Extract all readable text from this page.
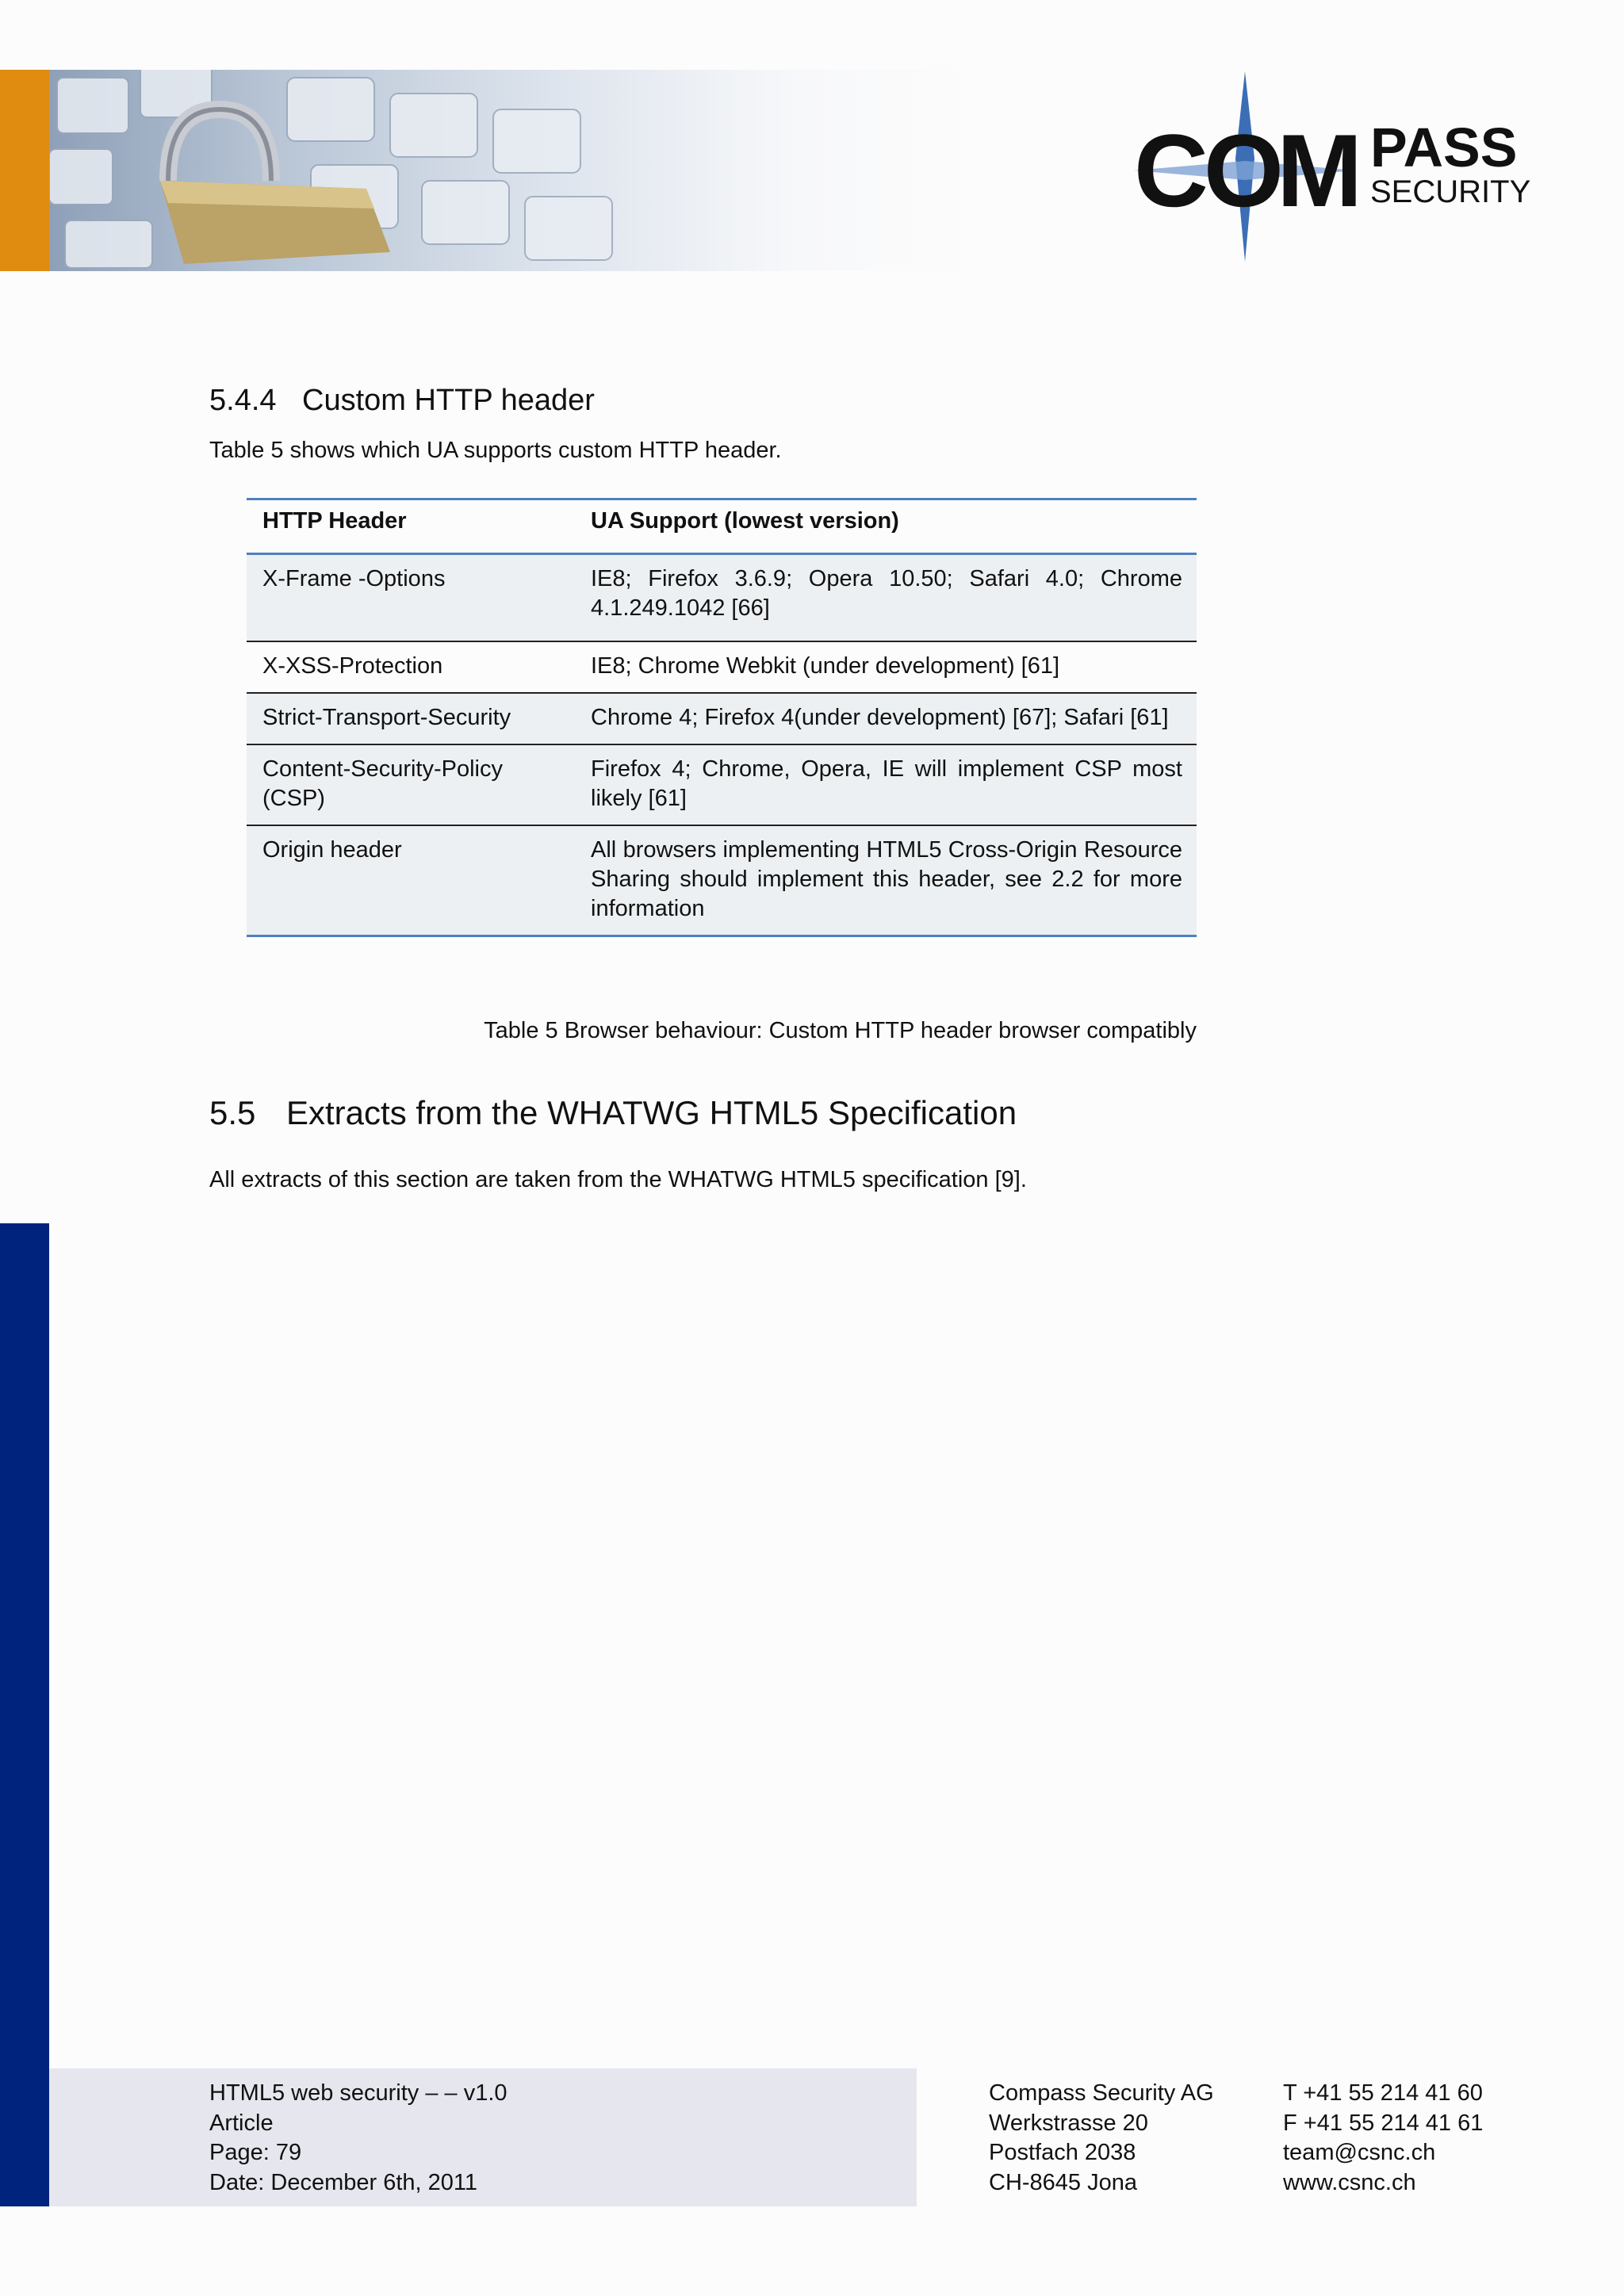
CO
M PASS
SECURITY
5.4.4 Custom HTTP header
Table 5 shows which UA supports custom HTTP header.
HTTP Header	UA Support (lowest version)
X-Frame -Options	IE8; Firefox 3.6.9; Opera 10.50; Safari 4.0; Chrome 4.1.249.1042 [66]
X-XSS-Protection	IE8; Chrome Webkit (under development) [61]
Strict-Transport-Security	Chrome 4; Firefox 4(under development) [67]; Safari [61]
Content-Security-Policy (CSP)	Firefox 4; Chrome, Opera, IE will implement CSP most likely [61]
Origin header	All browsers implementing HTML5 Cross-Origin Resource Sharing should implement this header, see 2.2 for more information
Table 5 Browser behaviour: Custom HTTP header browser compatibly
5.5 Extracts from the WHATWG HTML5 Specification
All extracts of this section are taken from the WHATWG HTML5 specification [9].
HTML5 web security – – v1.0
Article
Page: 79
Date: December 6th, 2011
Compass Security AG
Werkstrasse 20
Postfach 2038
CH-8645 Jona
T +41 55 214 41 60
F +41 55 214 41 61
team@csnc.ch
www.csnc.ch
